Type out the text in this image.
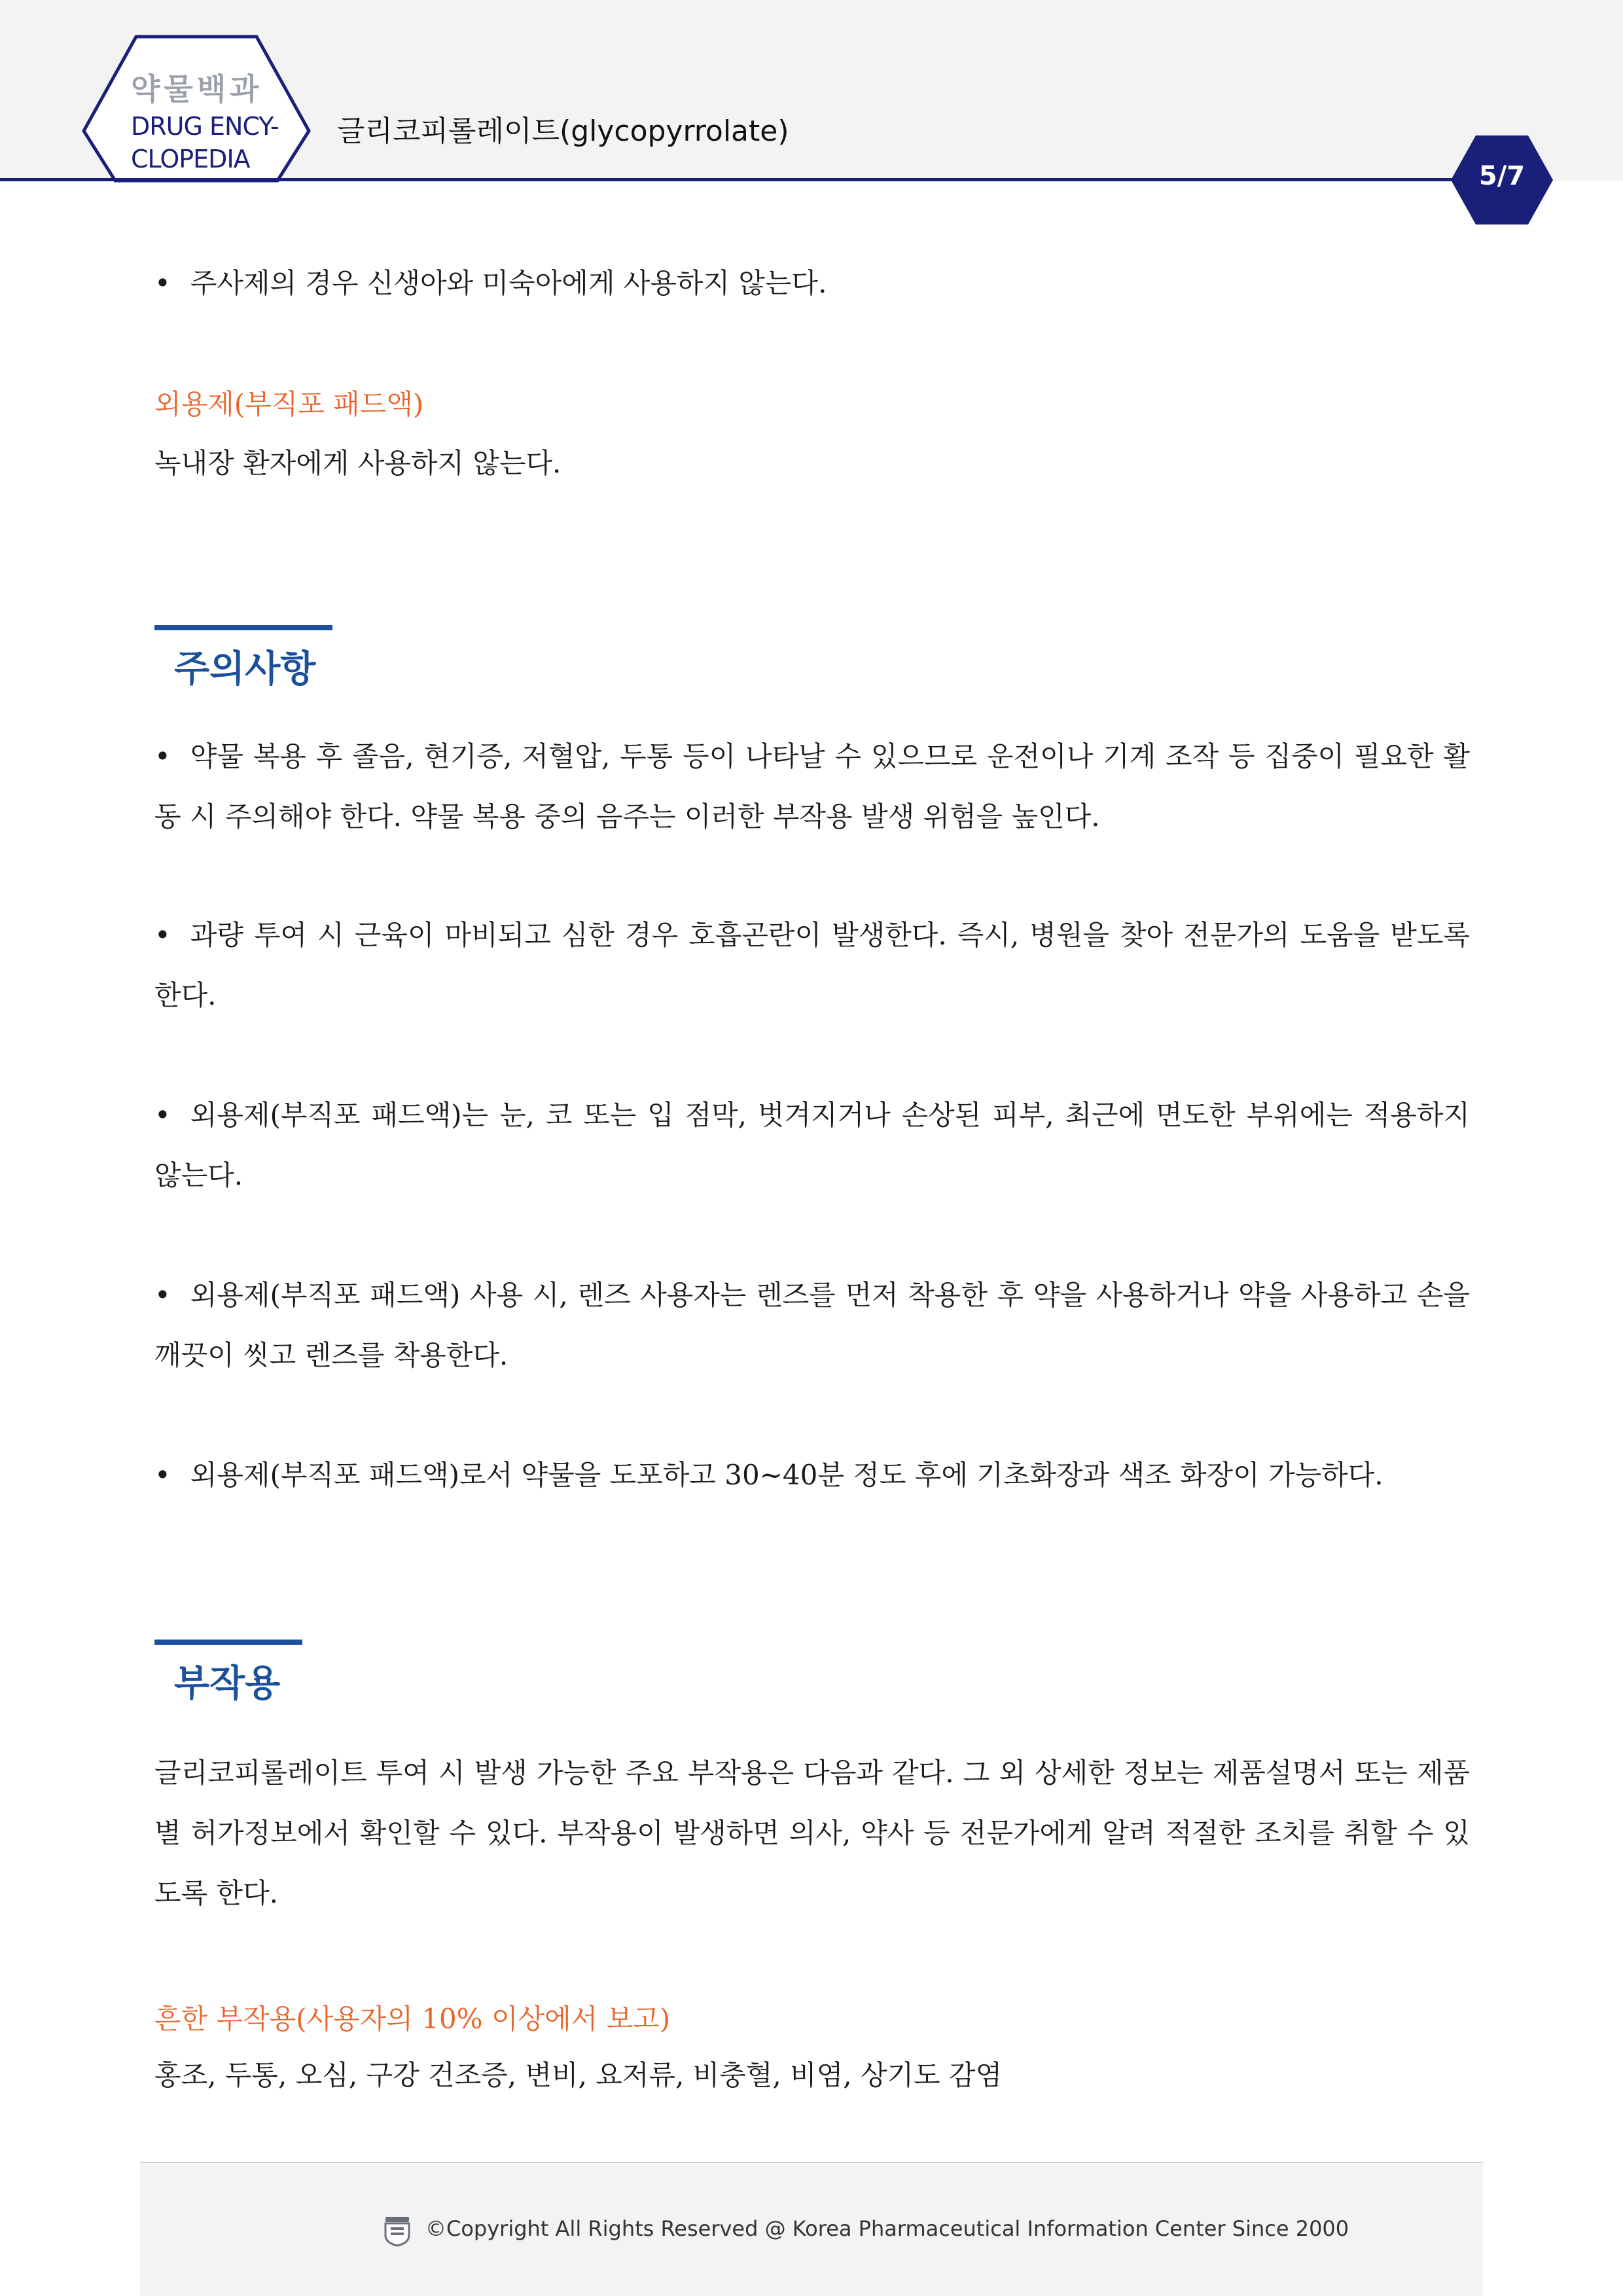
약물백과
DRUG ENCY-
CLOPEDIA
글리코피롤레이트(glycopyrrolate)
5/7

• 주사제의 경우 신생아와 미숙아에게 사용하지 않는다.

외용제(부직포 패드액)

녹내장 환자에게 사용하지 않는다.

주의사항

• 약물 복용 후 졸음, 현기증, 저혈압, 두통 등이 나타날 수 있으므로 운전이나 기계 조작 등 집중이 필요한 활동 시 주의해야 한다. 약물 복용 중의 음주는 이러한 부작용 발생 위험을 높인다.

• 과량 투여 시 근육이 마비되고 심한 경우 호흡곤란이 발생한다. 즉시, 병원을 찾아 전문가의 도움을 받도록 한다.

• 외용제(부직포 패드액)는 눈, 코 또는 입 점막, 벗겨지거나 손상된 피부, 최근에 면도한 부위에는 적용하지 않는다.

• 외용제(부직포 패드액) 사용 시, 렌즈 사용자는 렌즈를 먼저 착용한 후 약을 사용하거나 약을 사용하고 손을 깨끗이 씻고 렌즈를 착용한다.

• 외용제(부직포 패드액)로서 약물을 도포하고 30~40분 정도 후에 기초화장과 색조 화장이 가능하다.

부작용

글리코피롤레이트 투여 시 발생 가능한 주요 부작용은 다음과 같다. 그 외 상세한 정보는 제품설명서 또는 제품별 허가정보에서 확인할 수 있다. 부작용이 발생하면 의사, 약사 등 전문가에게 알려 적절한 조치를 취할 수 있도록 한다.

흔한 부작용(사용자의 10% 이상에서 보고)

홍조, 두통, 오심, 구강 건조증, 변비, 요저류, 비충혈, 비염, 상기도 감염

©Copyright All Rights Reserved @ Korea Pharmaceutical Information Center Since 2000
